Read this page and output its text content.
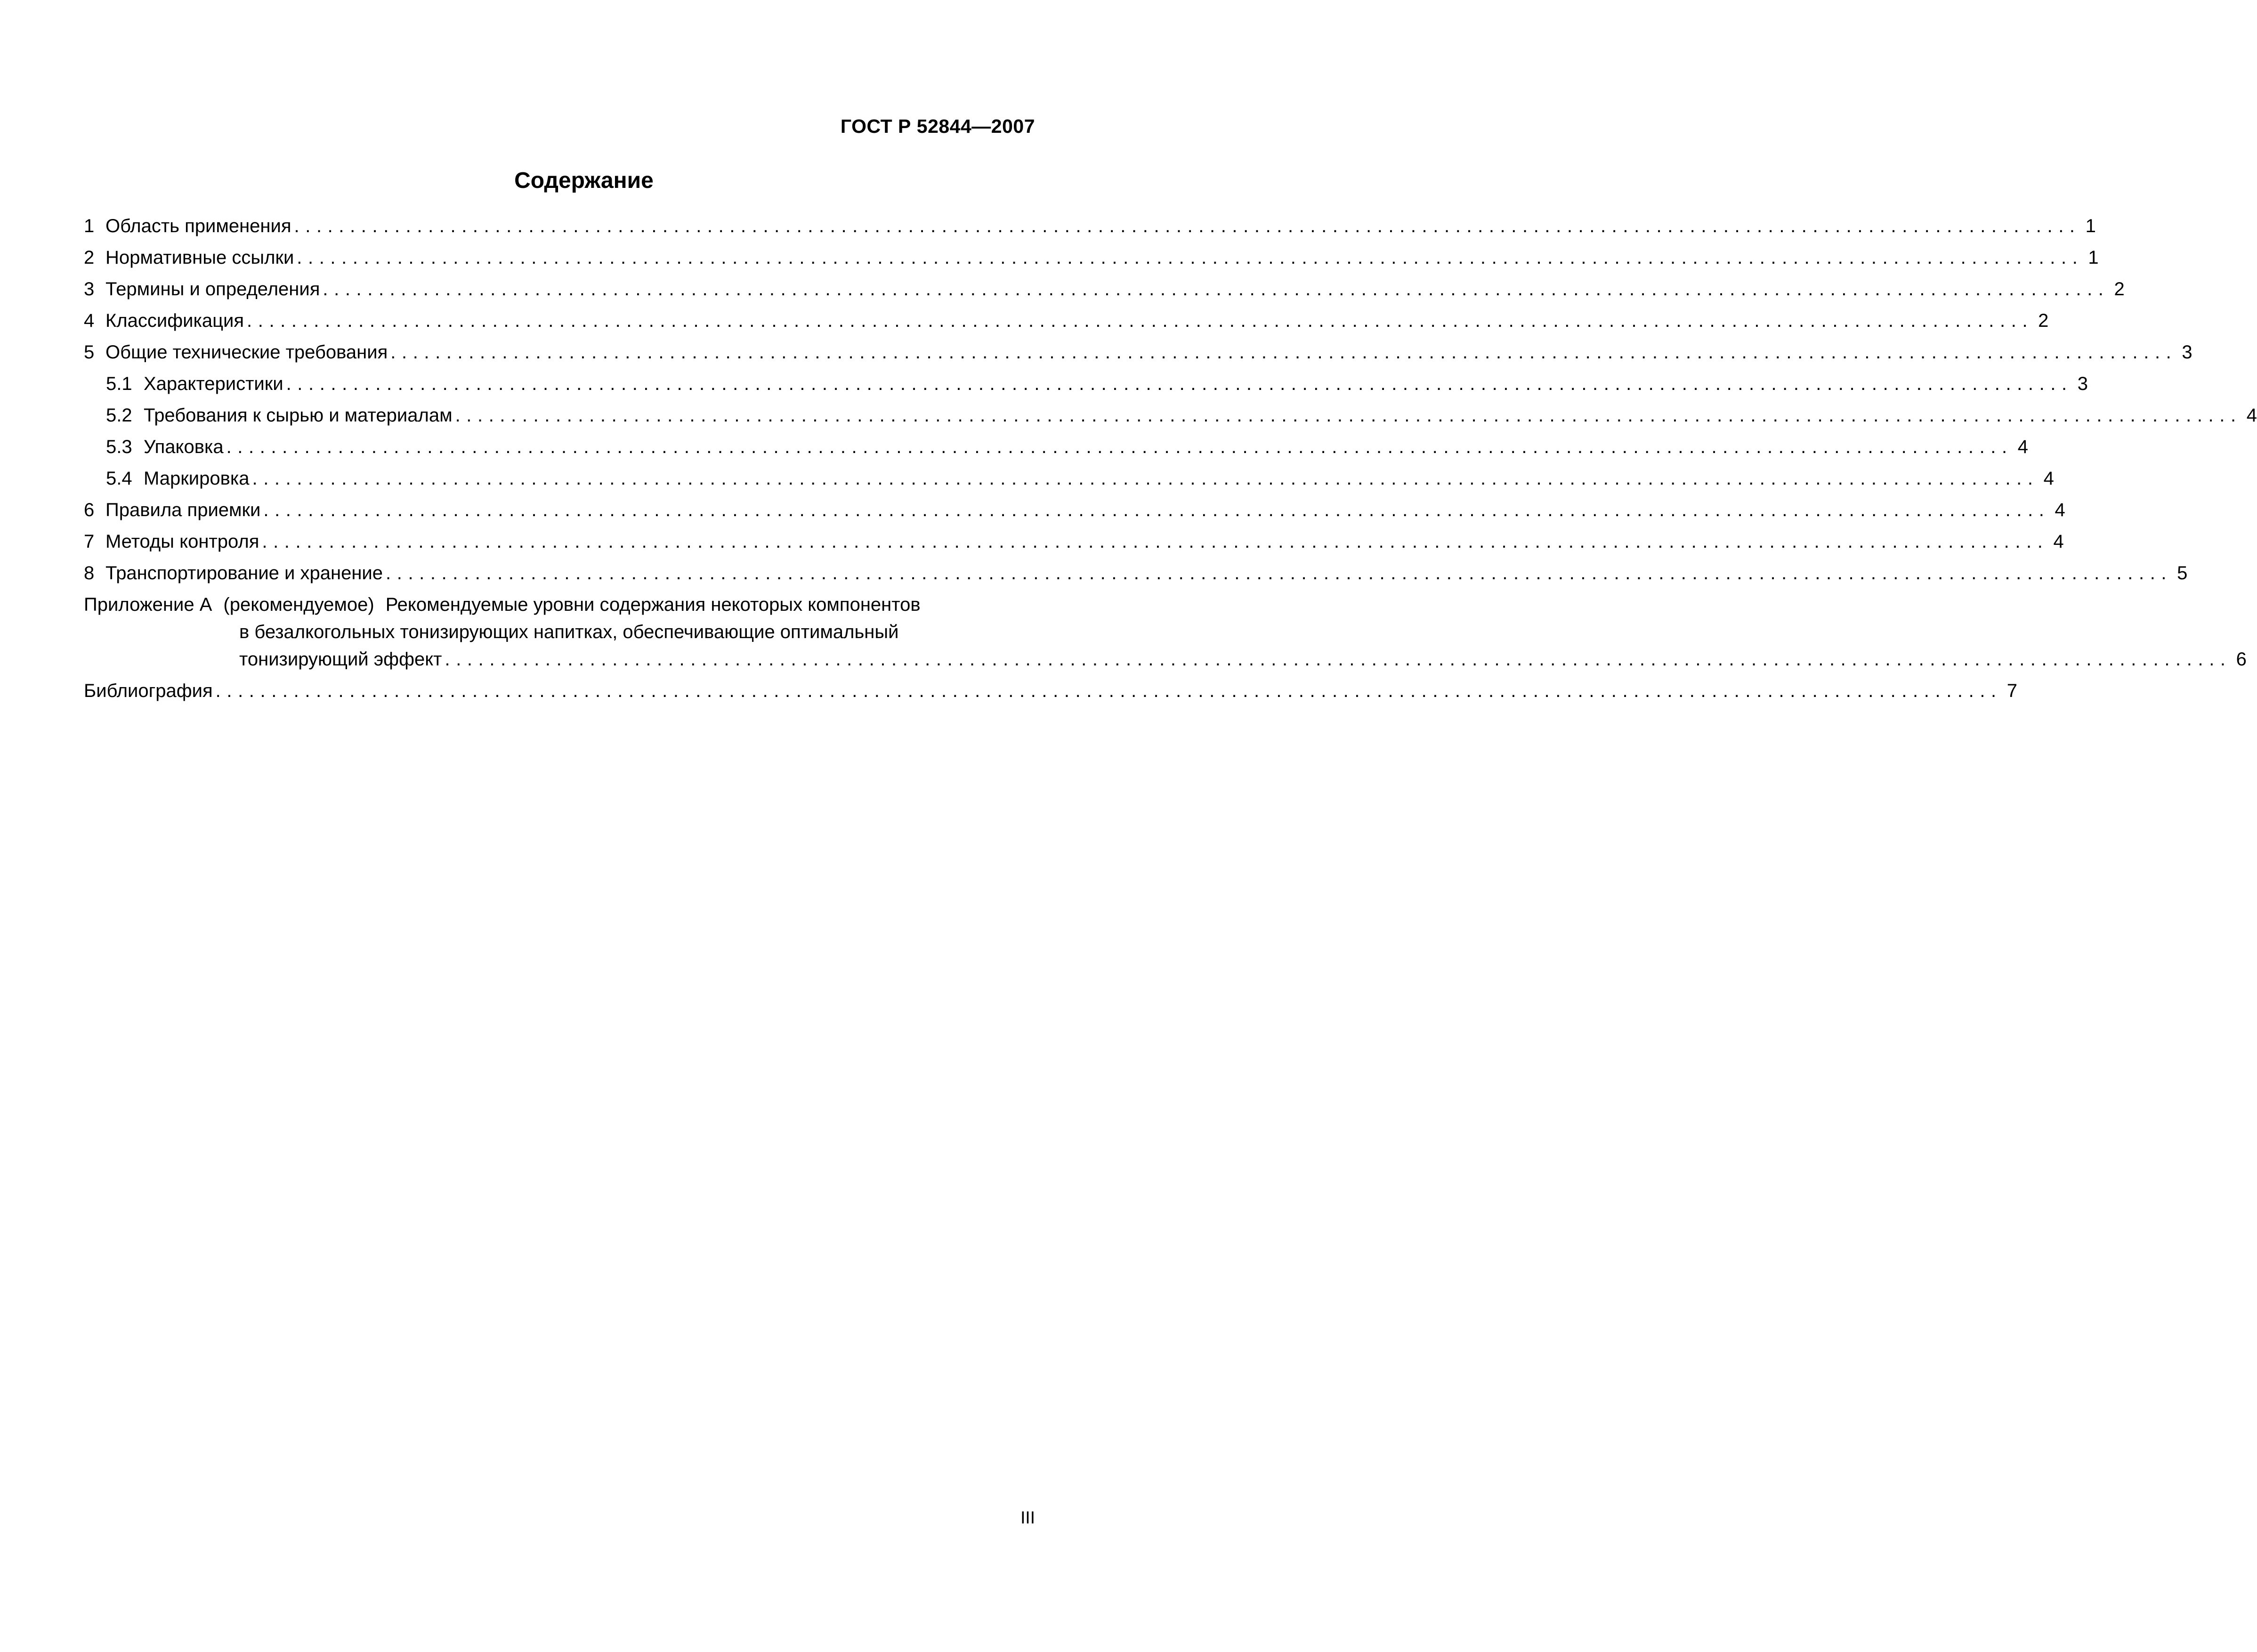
ГОСТ Р 52844—2007
Содержание
1 Область применения ................................................................................................................................................................ 1
2 Нормативные ссылки ................................................................................................................................................................ 1
3 Термины и определения ................................................................................................................................................................ 2
4 Классификация ................................................................................................................................................................ 2
5 Общие технические требования ................................................................................................................................................................ 3
5.1 Характеристики ................................................................................................................................................................ 3
5.2 Требования к сырью и материалам ................................................................................................................................................................ 4
5.3 Упаковка ................................................................................................................................................................ 4
5.4 Маркировка ................................................................................................................................................................ 4
6 Правила приемки ................................................................................................................................................................ 4
7 Методы контроля ................................................................................................................................................................ 4
8 Транспортирование и хранение ................................................................................................................................................................ 5
Приложение А (рекомендуемое) Рекомендуемые уровни содержания некоторых компонентов
в безалкогольных тонизирующих напитках, обеспечивающие оптимальный
тонизирующий эффект ................................................................................................................................................................ 6
Библиография ................................................................................................................................................................ 7
III
